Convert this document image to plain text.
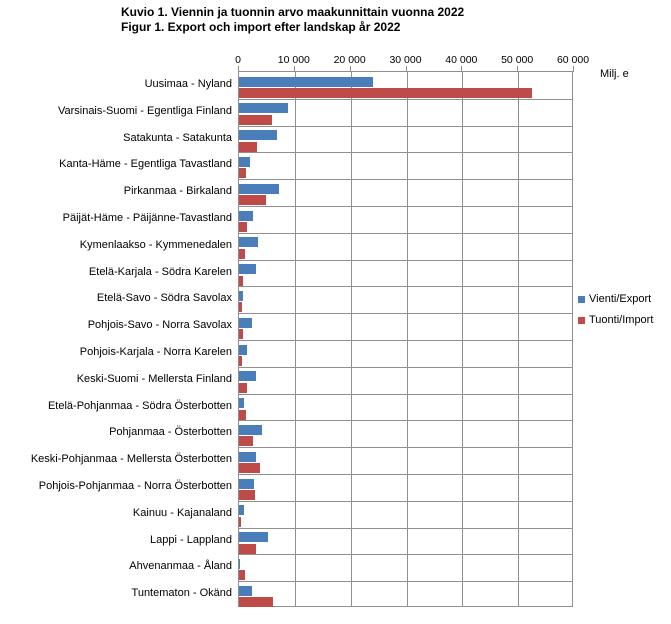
Kuvio 1. Viennin ja tuonnin arvo maakunnittain vuonna 2022
Figur 1. Export och import efter landskap år 2022
0	10 000	20 000	30 000	40 000	50 000	60 000
Milj. e
Uusimaa - Nyland
Varsinais-Suomi - Egentliga Finland
Satakunta - Satakunta
Kanta-Häme - Egentliga Tavastland
Pirkanmaa - Birkaland
Päijät-Häme - Päijänne-Tavastland
Kymenlaakso - Kymmenedalen
Etelä-Karjala - Södra Karelen
Etelä-Savo - Södra Savolax
Pohjois-Savo - Norra Savolax
Pohjois-Karjala - Norra Karelen
Keski-Suomi - Mellersta Finland
Etelä-Pohjanmaa - Södra Österbotten
Pohjanmaa - Österbotten
Keski-Pohjanmaa - Mellersta Österbotten
Pohjois-Pohjanmaa - Norra Österbotten
Kainuu - Kajanaland
Lappi - Lappland
Ahvenanmaa - Åland
Tuntematon - Okänd
Vienti/Export
Tuonti/Import
